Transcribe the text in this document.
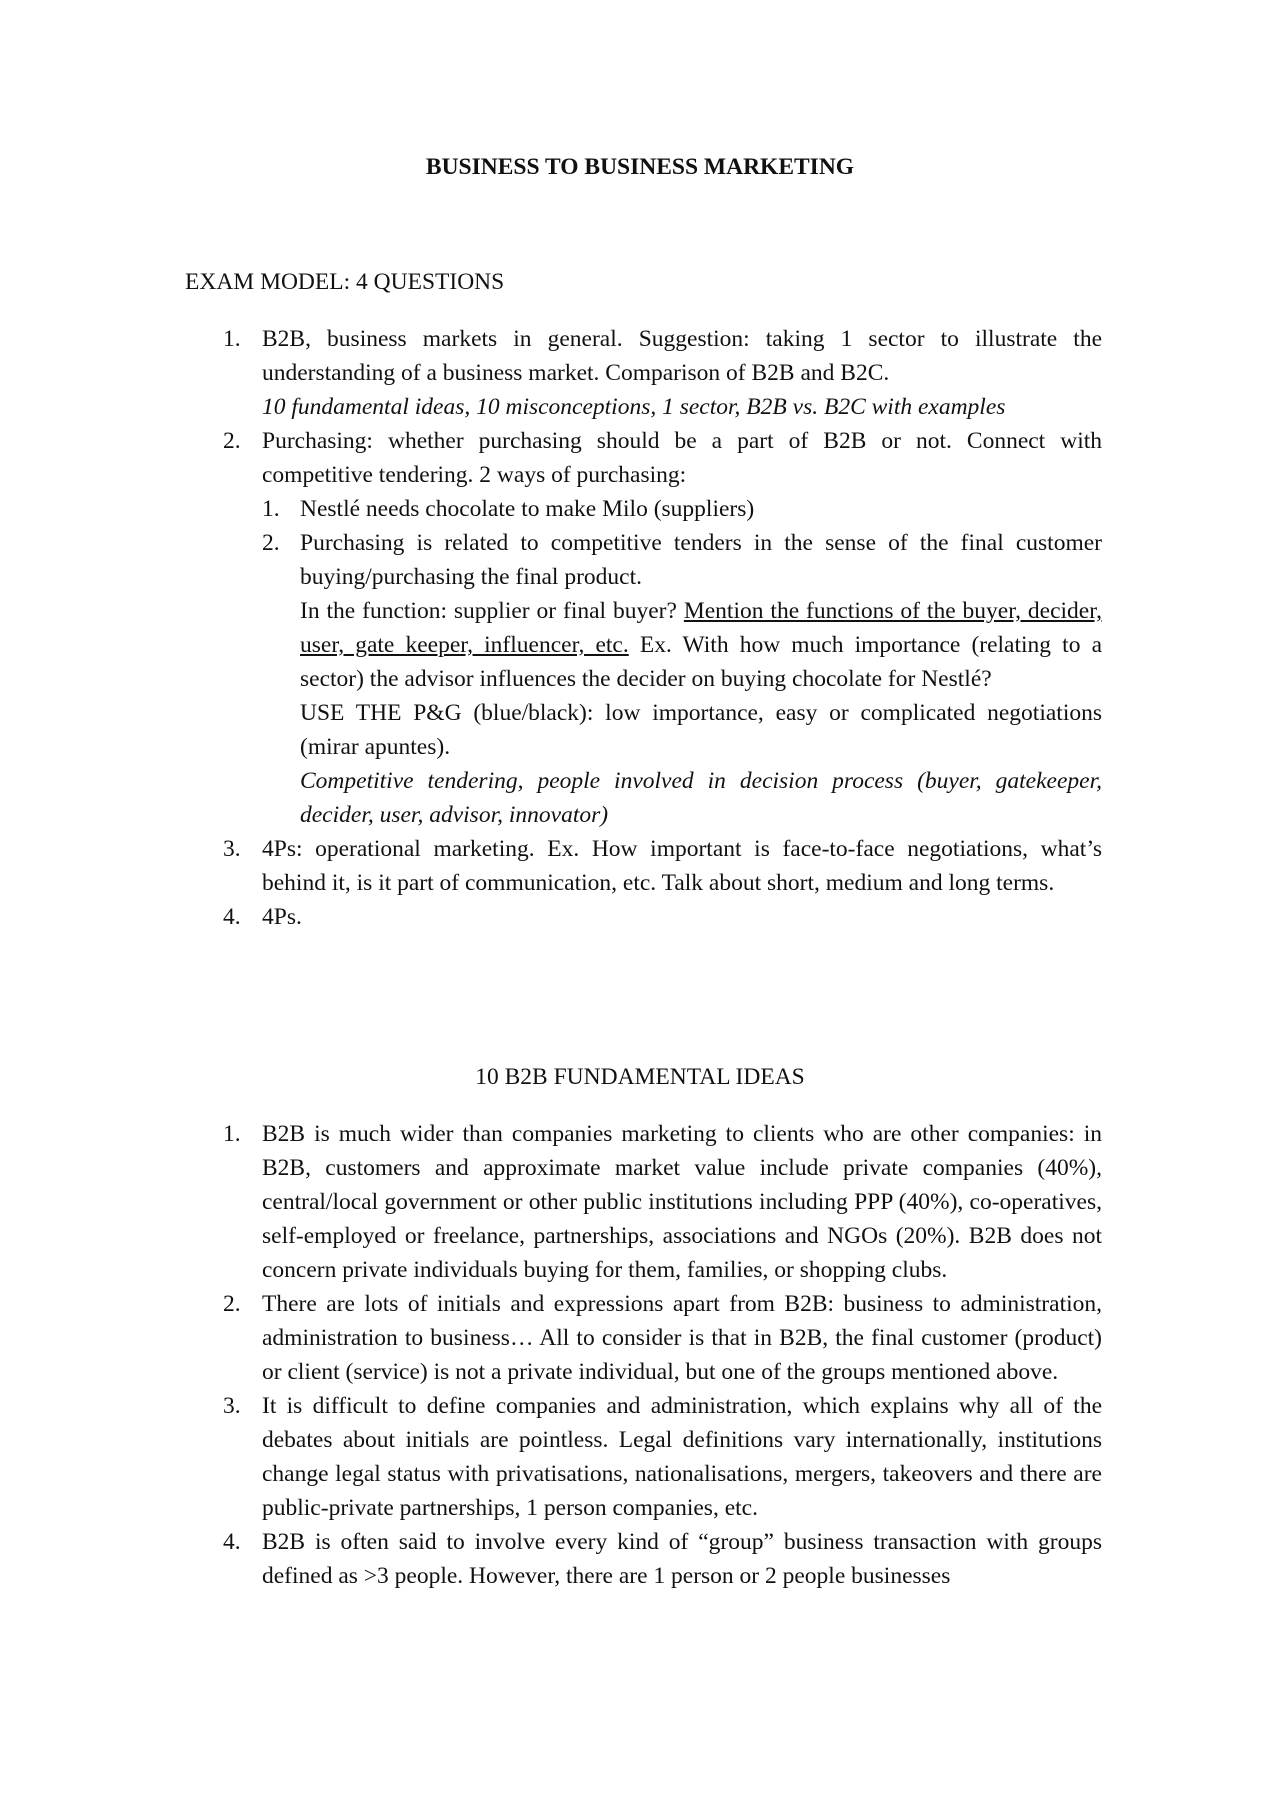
BUSINESS TO BUSINESS MARKETING
EXAM MODEL: 4 QUESTIONS
1. B2B, business markets in general. Suggestion: taking 1 sector to illustrate the understanding of a business market. Comparison of B2B and B2C.
10 fundamental ideas, 10 misconceptions, 1 sector, B2B vs. B2C with examples
2. Purchasing: whether purchasing should be a part of B2B or not. Connect with competitive tendering. 2 ways of purchasing:
1. Nestlé needs chocolate to make Milo (suppliers)
2. Purchasing is related to competitive tenders in the sense of the final customer buying/purchasing the final product.
In the function: supplier or final buyer? Mention the functions of the buyer, decider, user, gate keeper, influencer, etc. Ex. With how much importance (relating to a sector) the advisor influences the decider on buying chocolate for Nestlé?
USE THE P&G (blue/black): low importance, easy or complicated negotiations (mirar apuntes).
Competitive tendering, people involved in decision process (buyer, gatekeeper, decider, user, advisor, innovator)
3. 4Ps: operational marketing. Ex. How important is face-to-face negotiations, what’s behind it, is it part of communication, etc. Talk about short, medium and long terms.
4. 4Ps.
10 B2B FUNDAMENTAL IDEAS
1. B2B is much wider than companies marketing to clients who are other companies: in B2B, customers and approximate market value include private companies (40%), central/local government or other public institutions including PPP (40%), co-operatives, self-employed or freelance, partnerships, associations and NGOs (20%). B2B does not concern private individuals buying for them, families, or shopping clubs.
2. There are lots of initials and expressions apart from B2B: business to administration, administration to business… All to consider is that in B2B, the final customer (product) or client (service) is not a private individual, but one of the groups mentioned above.
3. It is difficult to define companies and administration, which explains why all of the debates about initials are pointless. Legal definitions vary internationally, institutions change legal status with privatisations, nationalisations, mergers, takeovers and there are public-private partnerships, 1 person companies, etc.
4. B2B is often said to involve every kind of “group” business transaction with groups defined as >3 people. However, there are 1 person or 2 people businesses
